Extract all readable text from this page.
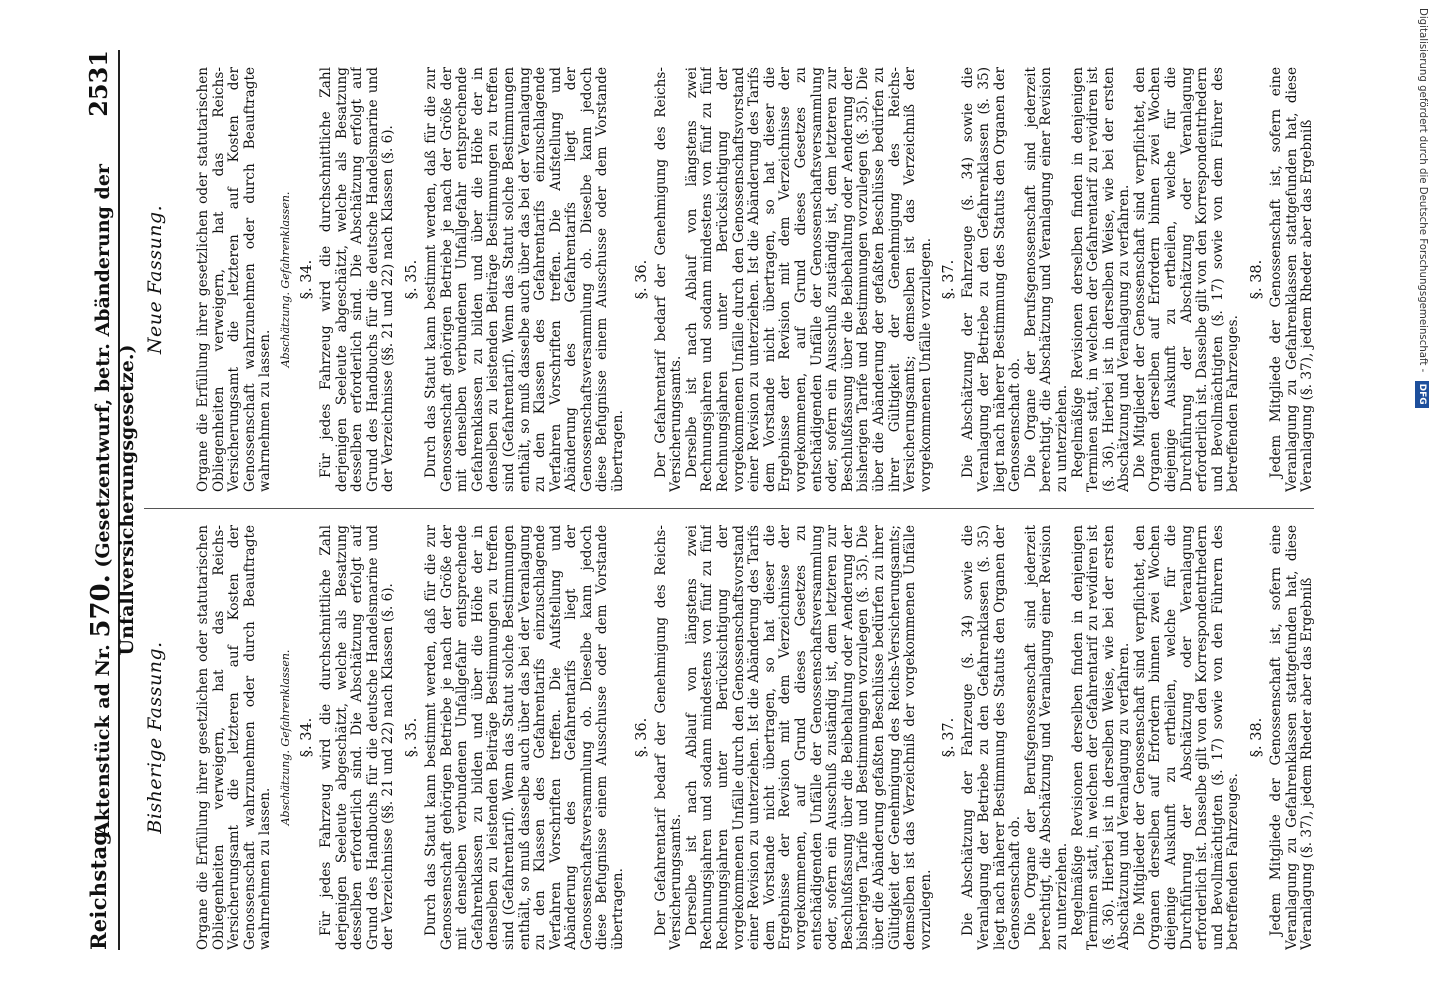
Reichstag.
Aktenstück ad Nr. 570. (Gesetzentwurf, betr. Abänderung der Unfallversicherungsgesetze.)
2531
Bisherige Fassung. Organe die Erfüllung ihrer gesetzlichen oder statutarischen Obliegenheiten verweigern, hat das Reichs-Versicherungsamt die letzteren auf Kosten der Genossenschaft wahrzunehmen oder durch Beauftragte wahrnehmen zu lassen.

Abschätzung. Gefahrenklassen. §. 34. Für jedes Fahrzeug wird die durchschnittliche Zahl derjenigen Seeleute abgeschätzt, welche als Besatzung desselben erforderlich sind. Die Abschätzung erfolgt auf Grund des Handbuchs für die deutsche Handelsmarine und der Verzeichnisse (§§. 21 und 22) nach Klassen (§. 6). §. 35. Durch das Statut kann bestimmt werden, daß für die zur Genossenschaft gehörigen Betriebe je nach der Größe der mit denselben verbundenen Unfallgefahr entsprechende Gefahrenklassen zu bilden und über die Höhe der in denselben zu leistenden Beiträge Bestimmungen zu treffen sind (Gefahrentarif). Wenn das Statut solche Bestimmungen enthält, so muß dasselbe auch über das bei der Veranlagung zu den Klassen des Gefahrentarifs einzuschlagende Verfahren Vorschriften treffen. Die Aufstellung und Abänderung des Gefahrentarifs liegt der Genossenschaftsversammlung ob. Dieselbe kann jedoch diese Befugnisse einem Ausschusse oder dem Vorstande übertragen.

§. 36. Der Gefahrentarif bedarf der Genehmigung des Reichs-Versicherungsamts. Derselbe ist nach Ablauf von längstens zwei Rechnungsjahren und sodann mindestens von fünf zu fünf Rechnungsjahren unter Berücksichtigung der vorgekommenen Unfälle durch den Genossenschaftsvorstand einer Revision zu unterziehen. Ist die Abänderung des Tarifs dem Vorstande nicht übertragen, so hat dieser die Ergebnisse der Revision mit dem Verzeichnisse der vorgekommenen, auf Grund dieses Gesetzes zu entschädigenden Unfälle der Genossenschaftsversammlung oder, sofern ein Ausschuß zuständig ist, dem letzteren zur Beschlußfassung über die Beibehaltung oder Aenderung der bisherigen Tarife und Bestimmungen vorzulegen (§. 35). Die über die Abänderung gefaßten Beschlüsse bedürfen zu ihrer Gültigkeit der Genehmigung des Reichs-Versicherungsamts; demselben ist das Verzeichniß der vorgekommenen Unfälle vorzulegen.

§. 37. Die Abschätzung der Fahrzeuge (§. 34) sowie die Veranlagung der Betriebe zu den Gefahrenklassen (§. 35) liegt nach näherer Bestimmung des Statuts den Organen der Genossenschaft ob. Die Organe der Berufsgenossenschaft sind jederzeit berechtigt, die Abschätzung und Veranlagung einer Revision zu unterziehen. Regelmäßige Revisionen derselben finden in denjenigen Terminen statt, in welchen der Gefahrentarif zu revidiren ist (§. 36). Hierbei ist in derselben Weise, wie bei der ersten Abschätzung und Veranlagung zu verfahren. Die Mitglieder der Genossenschaft sind verpflichtet, den Organen derselben auf Erfordern binnen zwei Wochen diejenige Auskunft zu ertheilen, welche für die Durchführung der Abschätzung oder Veranlagung erforderlich ist. Dasselbe gilt von den Korrespondentrhedern und Bevollmächtigten (§. 17) sowie von den Führern des betreffenden Fahrzeuges.

§. 38. Jedem Mitgliede der Genossenschaft ist, sofern eine Veranlagung zu Gefahrenklassen stattgefunden hat, diese Veranlagung (§. 37), jedem Rheder aber das Ergebniß

Neue Fassung. Organe die Erfüllung ihrer gesetzlichen oder statutarischen Obliegenheiten verweigern, hat das Reichs-Versicherungsamt die letzteren auf Kosten der Genossenschaft wahrzunehmen oder durch Beauftragte wahrnehmen zu lassen.

Abschätzung. Gefahrenklassen. §. 34. Für jedes Fahrzeug wird die durchschnittliche Zahl derjenigen Seeleute abgeschätzt, welche als Besatzung desselben erforderlich sind. Die Abschätzung erfolgt auf Grund des Handbuchs für die deutsche Handelsmarine und der Verzeichnisse (§§. 21 und 22) nach Klassen (§. 6). §. 35. Durch das Statut kann bestimmt werden, daß für die zur Genossenschaft gehörigen Betriebe je nach der Größe der mit denselben verbundenen Unfallgefahr entsprechende Gefahrenklassen zu bilden und über die Höhe der in denselben zu leistenden Beiträge Bestimmungen zu treffen sind (Gefahrentarif). Wenn das Statut solche Bestimmungen enthält, so muß dasselbe auch über das bei der Veranlagung zu den Klassen des Gefahrentarifs einzuschlagende Verfahren Vorschriften treffen. Die Aufstellung und Abänderung des Gefahrentarifs liegt der Genossenschaftsversammlung ob. Dieselbe kann jedoch diese Befugnisse einem Ausschusse oder dem Vorstande übertragen.

§. 36. Der Gefahrentarif bedarf der Genehmigung des Reichs-Versicherungsamts. Derselbe ist nach Ablauf von längstens zwei Rechnungsjahren und sodann mindestens von fünf zu fünf Rechnungsjahren unter Berücksichtigung der vorgekommenen Unfälle durch den Genossenschaftsvorstand einer Revision zu unterziehen. Ist die Abänderung des Tarifs dem Vorstande nicht übertragen, so hat dieser die Ergebnisse der Revision mit dem Verzeichnisse der vorgekommenen, auf Grund dieses Gesetzes zu entschädigenden Unfälle der Genossenschaftsversammlung oder, sofern ein Ausschuß zuständig ist, dem letzteren zur Beschlußfassung über die Beibehaltung oder Aenderung der bisherigen Tarife und Bestimmungen vorzulegen (§. 35). Die über die Abänderung der gefaßten Beschlüsse bedürfen zu ihrer Gültigkeit der Genehmigung des Reichs-Versicherungsamts; demselben ist das Verzeichniß der vorgekommenen Unfälle vorzulegen. §. 37. Die Abschätzung der Fahrzeuge (§. 34) sowie die Veranlagung der Betriebe zu den Gefahrenklassen (§. 35) liegt nach näherer Bestimmung des Statuts den Organen der Genossenschaft ob. Die Organe der Berufsgenossenschaft sind jederzeit berechtigt, die Abschätzung und Veranlagung einer Revision zu unterziehen. Regelmäßige Revisionen derselben finden in denjenigen Terminen statt, in welchen der Gefahrentarif zu revidiren ist (§. 36). Hierbei ist in derselben Weise, wie bei der ersten Abschätzung und Veranlagung zu verfahren. Die Mitglieder der Genossenschaft sind verpflichtet, den Organen derselben auf Erfordern binnen zwei Wochen diejenige Auskunft zu ertheilen, welche für die Durchführung der Abschätzung oder Veranlagung erforderlich ist. Dasselbe gilt von den Korrespondentrhedern und Bevollmächtigten (§. 17) sowie von dem Führer des betreffenden Fahrzeuges.

§. 38. Jedem Mitgliede der Genossenschaft ist, sofern eine Veranlagung zu Gefahrenklassen stattgefunden hat, diese Veranlagung (§. 37), jedem Rheder aber das Ergebniß	Digitalisierung gefördert durch die Deutsche Forschungsgemeinschaft - DFG
